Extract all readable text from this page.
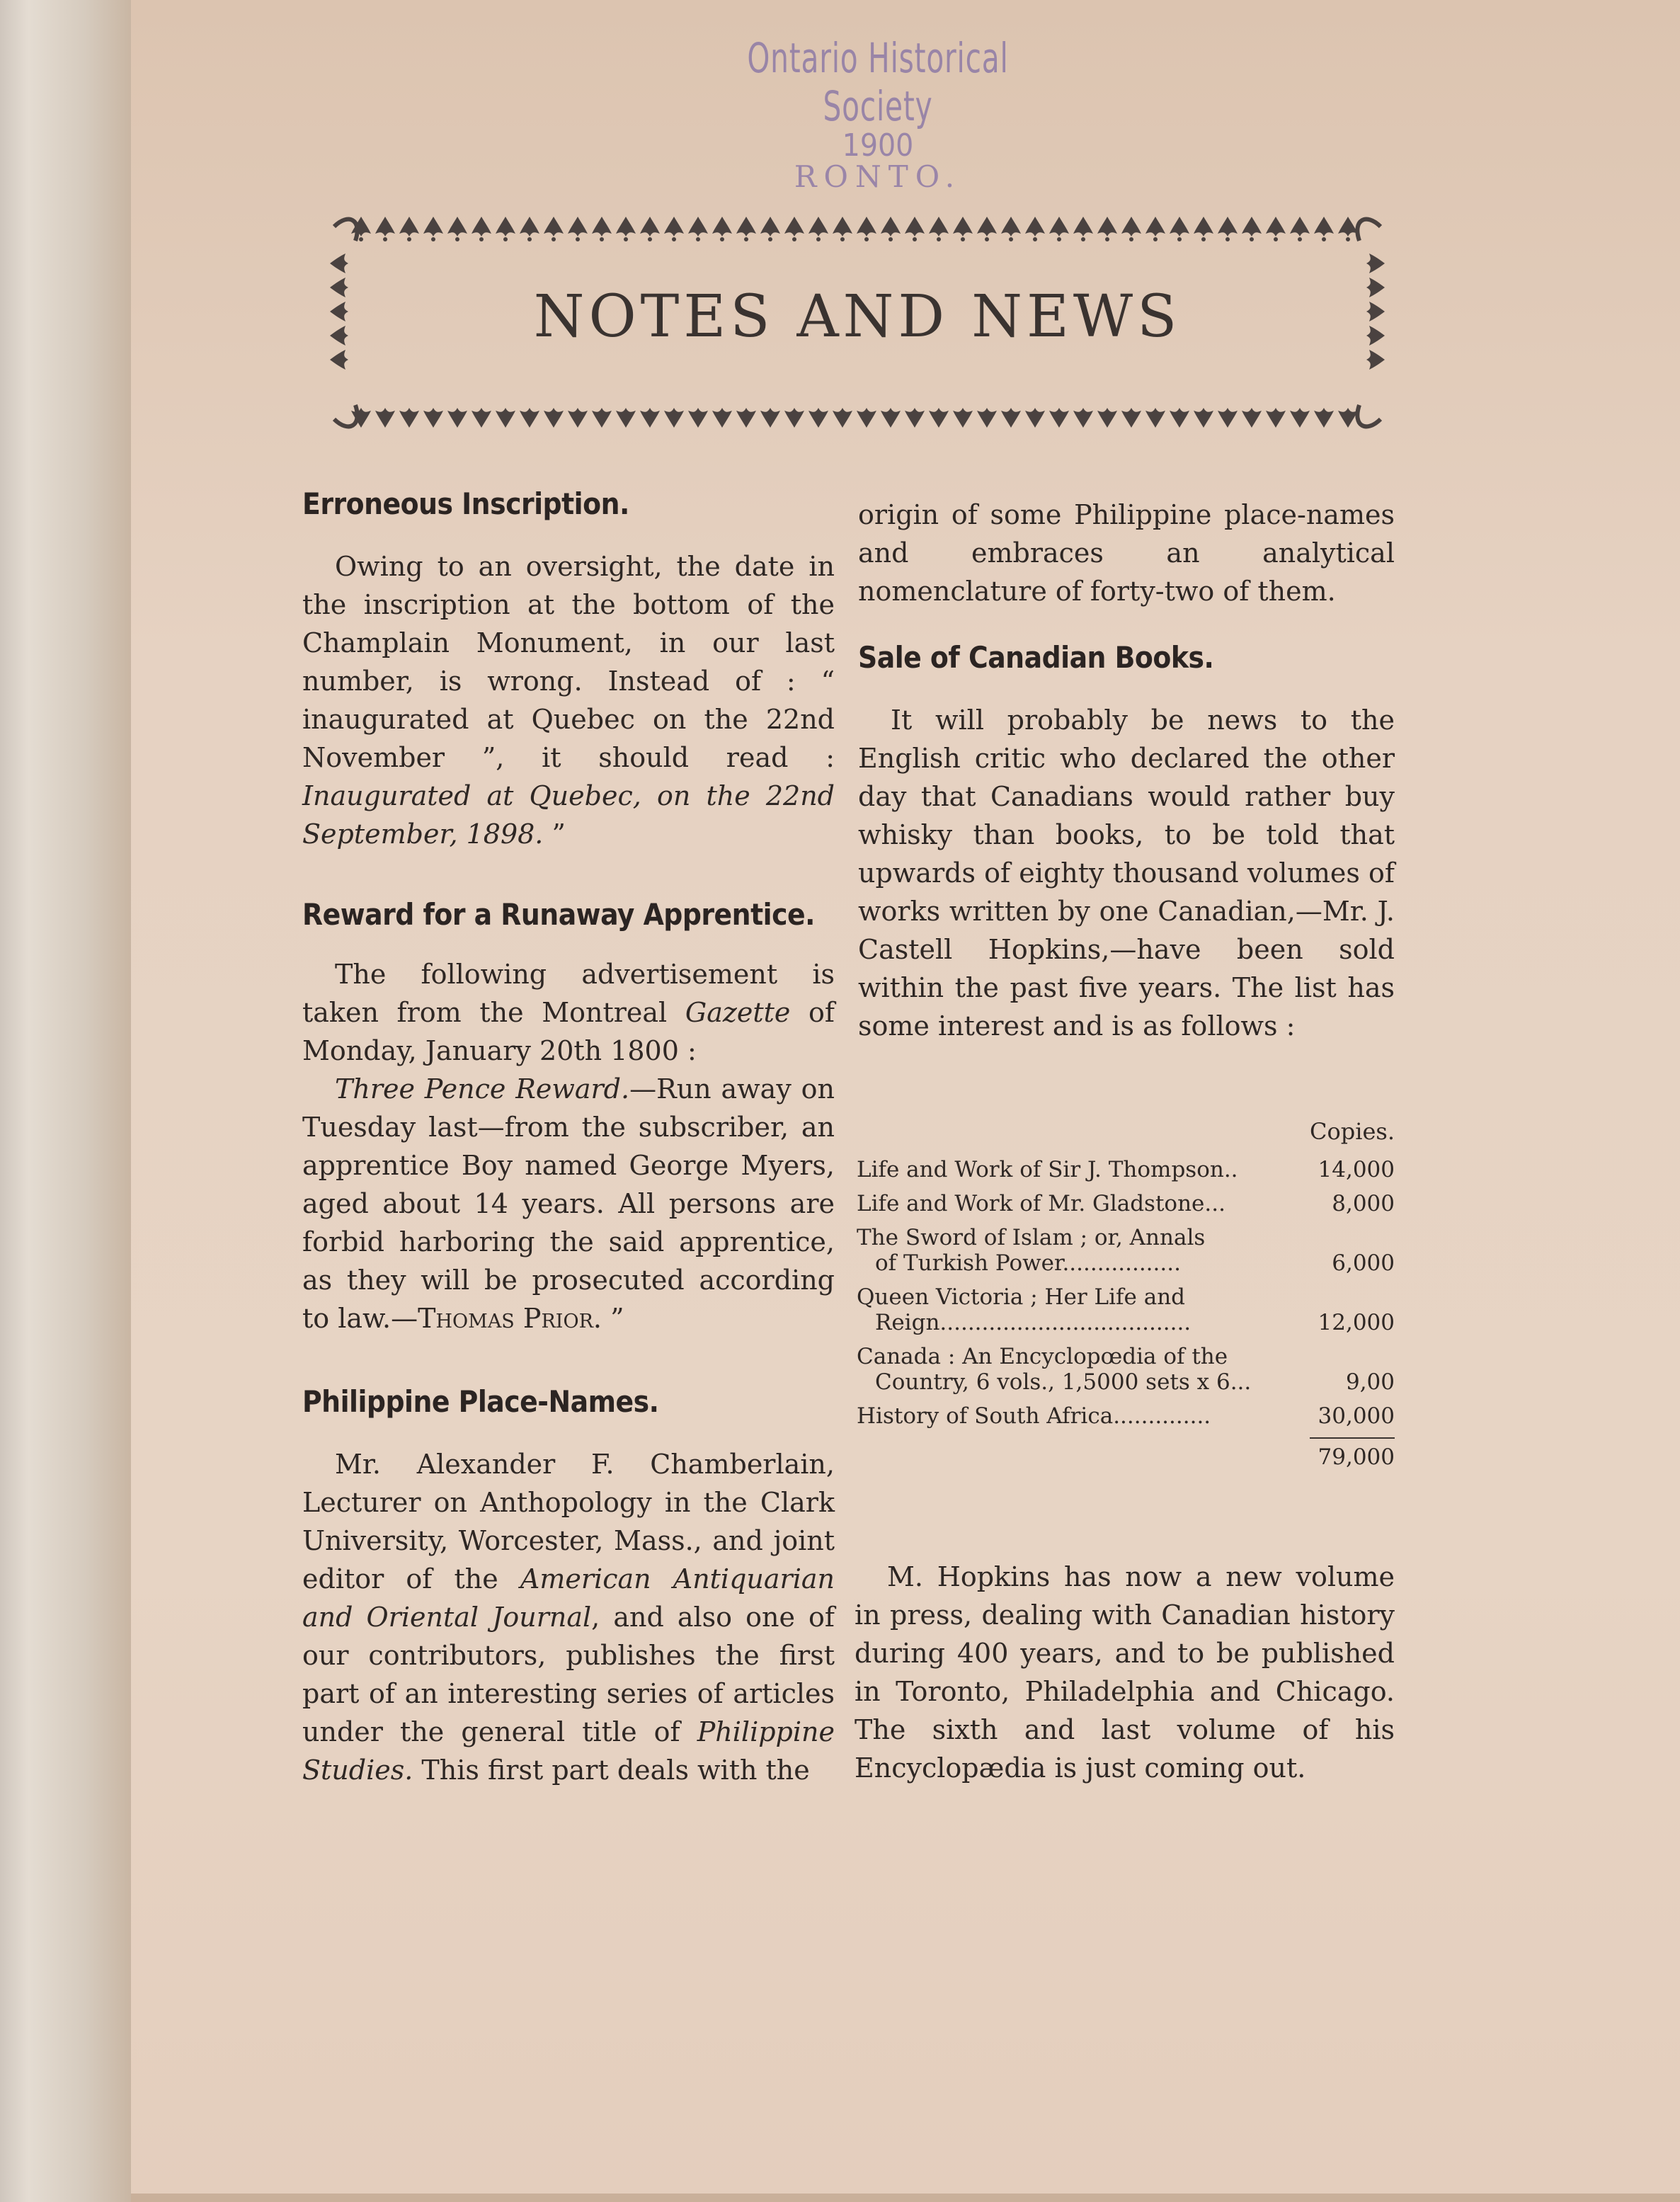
Ontario Historical Society
1900
RONTO.
NOTES AND NEWS
Erroneous Inscription.

Owing to an oversight, the date in the inscription at the bottom of the Champlain Monument, in our last number, is wrong. Instead of : “ inaugurated at Quebec on the 22nd November ”, it should read : Inaugurated at Quebec, on the 22nd September, 1898. ”

Reward for a Runaway Apprentice.

The following advertisement is taken from the Montreal Gazette of Monday, January 20th 1800 :

Three Pence Reward.—Run away on Tuesday last—from the subscriber, an apprentice Boy named George Myers, aged about 14 years. All persons are forbid harboring the said apprentice, as they will be prosecuted according to law.—Thomas Prior. ”

Philippine Place-Names.

Mr. Alexander F. Chamberlain, Lecturer on Anthopology in the Clark University, Worcester, Mass., and joint editor of the American Antiquarian and Oriental Journal, and also one of our contributors, publishes the first part of an interesting series of articles under the general title of Philippine Studies. This first part deals with the

origin of some Philippine place-names and embraces an analytical nomenclature of forty-two of them.

Sale of Canadian Books.

It will probably be news to the English critic who declared the other day that Canadians would rather buy whisky than books, to be told that upwards of eighty thousand volumes of works written by one Canadian,—Mr. J. Castell Hopkins,—have been sold within the past five years. The list has some interest and is as follows :

Copies.
Life and Work of Sir J. Thompson..	14,000
Life and Work of Mr. Gladstone...	8,000
The Sword of Islam ; or, Annals
of Turkish Power.................	6,000
Queen Victoria ; Her Life and
Reign....................................	12,000
Canada : An Encyclopœdia of the
Country, 6 vols., 1,5000 sets x 6...	9,00
History of South Africa..............	30,000
79,000

M. Hopkins has now a new volume in press, dealing with Canadian history during 400 years, and to be published in Toronto, Philadelphia and Chicago. The sixth and last volume of his Encyclopædia is just coming out.
